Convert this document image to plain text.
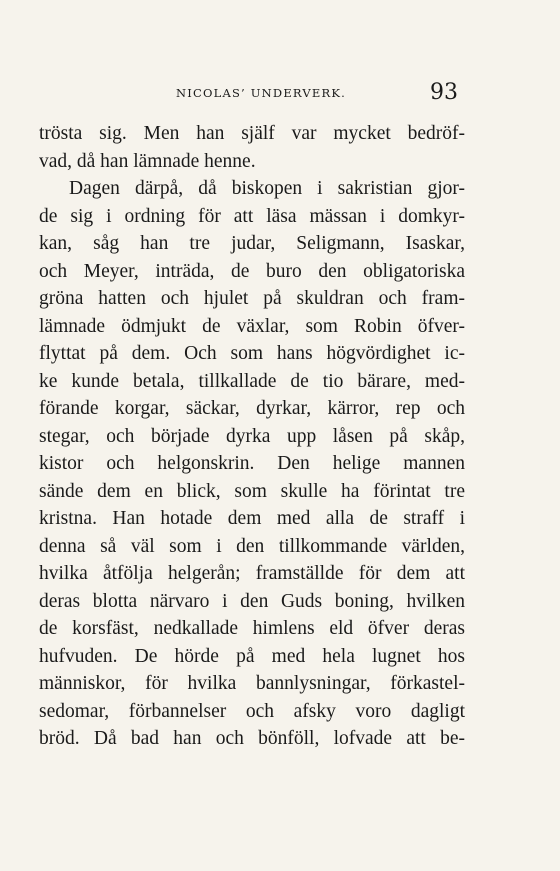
NICOLAS’ UNDERVERK.	93
trösta sig. Men han själf var mycket bedröf-
vad, då han lämnade henne.
Dagen därpå, då biskopen i sakristian gjor-
de sig i ordning för att läsa mässan i domkyr-
kan, såg han tre judar, Seligmann, Isaskar,
och Meyer, inträda, de buro den obligatoriska
gröna hatten och hjulet på skuldran och fram-
lämnade ödmjukt de växlar, som Robin öfver-
flyttat på dem. Och som hans högvördighet ic-
ke kunde betala, tillkallade de tio bärare, med-
förande korgar, säckar, dyrkar, kärror, rep och
stegar, och började dyrka upp låsen på skåp,
kistor och helgonskrin. Den helige mannen
sände dem en blick, som skulle ha förintat tre
kristna. Han hotade dem med alla de straff i
denna så väl som i den tillkommande världen,
hvilka åtfölja helgerån; framställde för dem att
deras blotta närvaro i den Guds boning, hvilken
de korsfäst, nedkallade himlens eld öfver deras
hufvuden. De hörde på med hela lugnet hos
människor, för hvilka bannlysningar, förkastel-
sedomar, förbannelser och afsky voro dagligt
bröd. Då bad han och bönföll, lofvade att be-
